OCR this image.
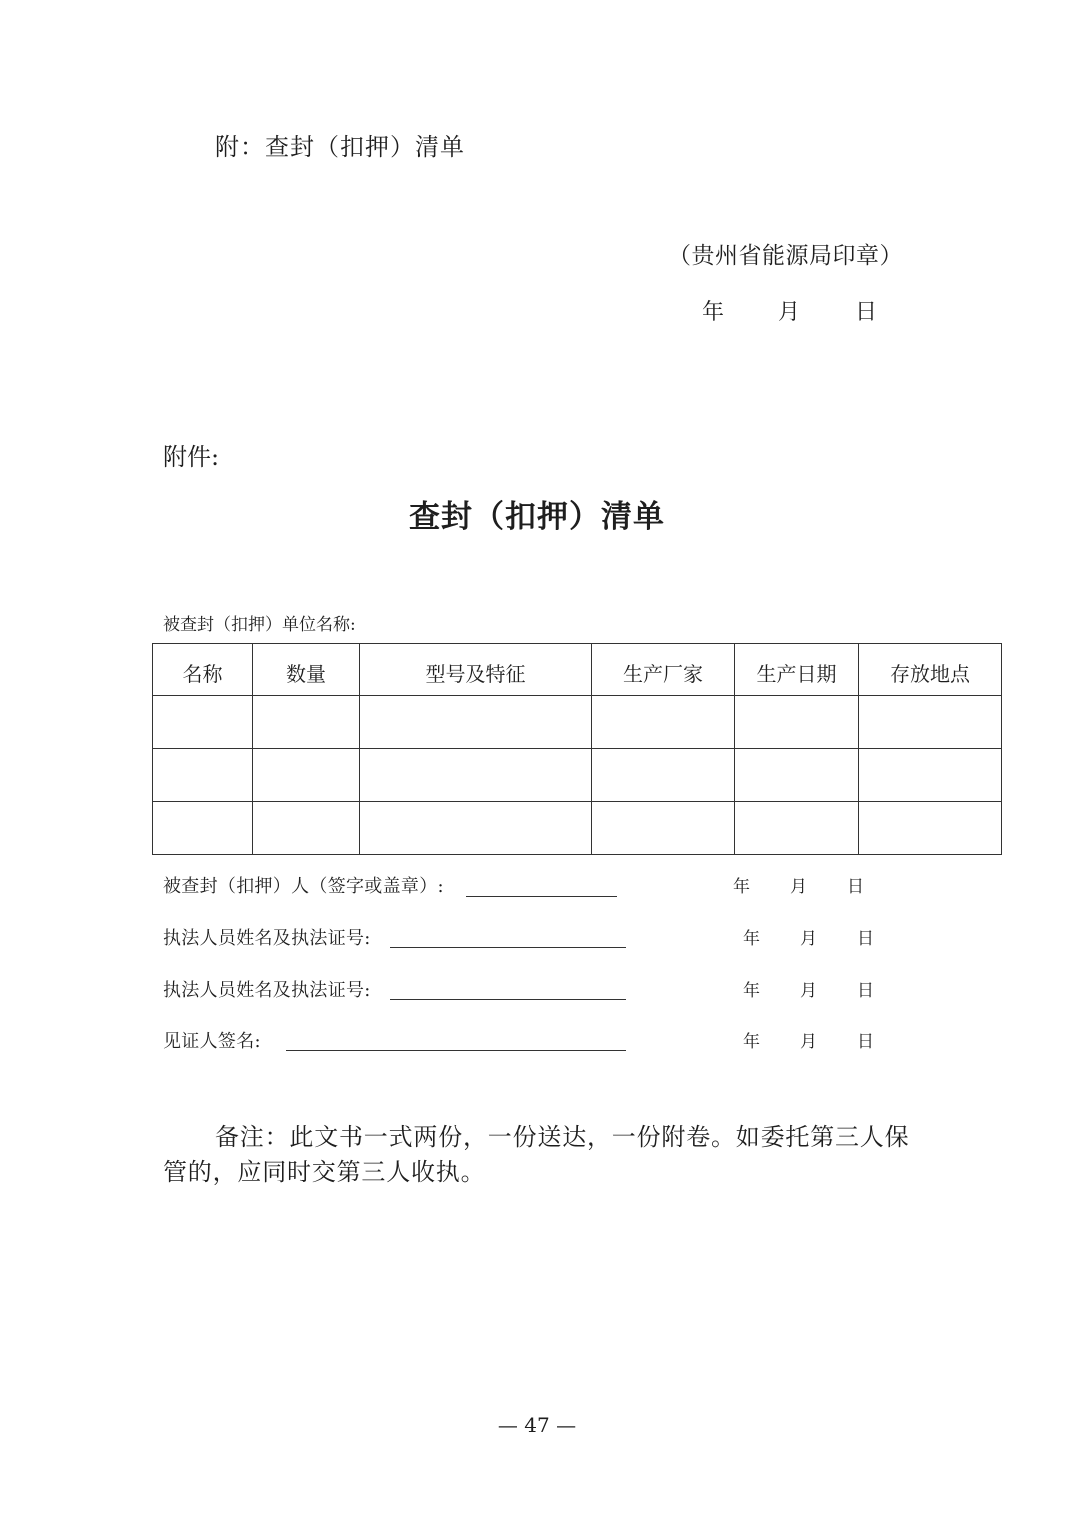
附：查封（扣押）清单
（贵州省能源局印章）
年 月 日
附件:
查封（扣押）清单
被查封（扣押）单位名称:
名称	数量	型号及特征	生产厂家	生产日期	存放地点

被查封（扣押）人（签字或盖章）:	年 月 日
执法人员姓名及执法证号:	年 月 日
执法人员姓名及执法证号:	年 月 日
见证人签名:	年 月 日
备注：此文书一式两份，一份送达，一份附卷。如委托第三人保
管的，应同时交第三人收执。
— 47 —
